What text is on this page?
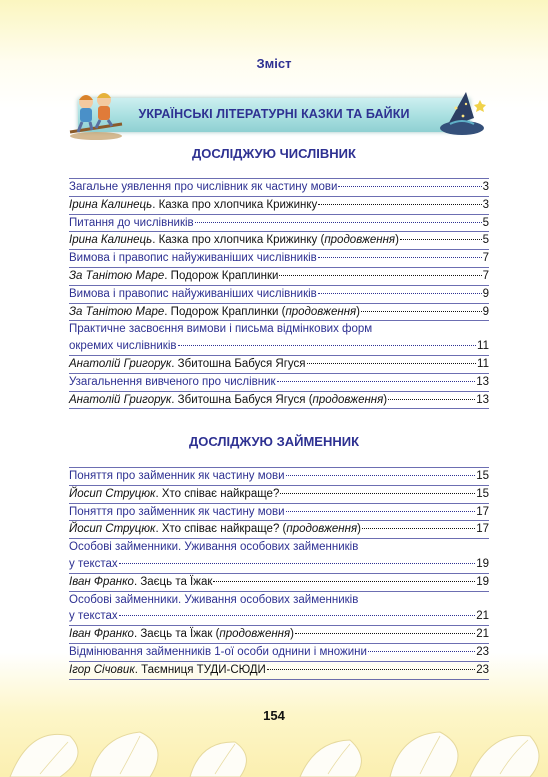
Зміст
УКРАЇНСЬКІ ЛІТЕРАТУРНІ КАЗКИ ТА БАЙКИ
ДОСЛІДЖУЮ ЧИСЛІВНИК
Загальне уявлення про числівник як частину мови	3
Ірина Калинець. Казка про хлопчика Крижинку	3
Питання до числівників	5
Ірина Калинець. Казка про хлопчика Крижинку (продовження)	5
Вимова і правопис найуживаніших числівників	7
За Танітою Маре. Подорож Краплинки	7
Вимова і правопис найуживаніших числівників	9
За Танітою Маре. Подорож Краплинки (продовження)	9
Практичне засвоєння вимови і письма відмінкових форм
окремих числівників	11
Анатолій Григорук. Збитошна Бабуся Ягуся	11
Узагальнення вивченого про числівник	13
Анатолій Григорук. Збитошна Бабуся Ягуся (продовження)	13
ДОСЛІДЖУЮ ЗАЙМЕННИК
Поняття про займенник як частину мови	15
Йосип Струцюк. Хто співає найкраще?	15
Поняття про займенник як частину мови	17
Йосип Струцюк. Хто співає найкраще? (продовження)	17
Особові займенники. Уживання особових займенників
у текстах	19
Іван Франко. Заєць та Їжак	19
Особові займенники. Уживання особових займенників
у текстах	21
Іван Франко. Заєць та Їжак (продовження)	21
Відмінювання займенників 1-ої особи однини і множини	23
Ігор Січовик. Таємниця ТУДИ-СЮДИ	23
154
